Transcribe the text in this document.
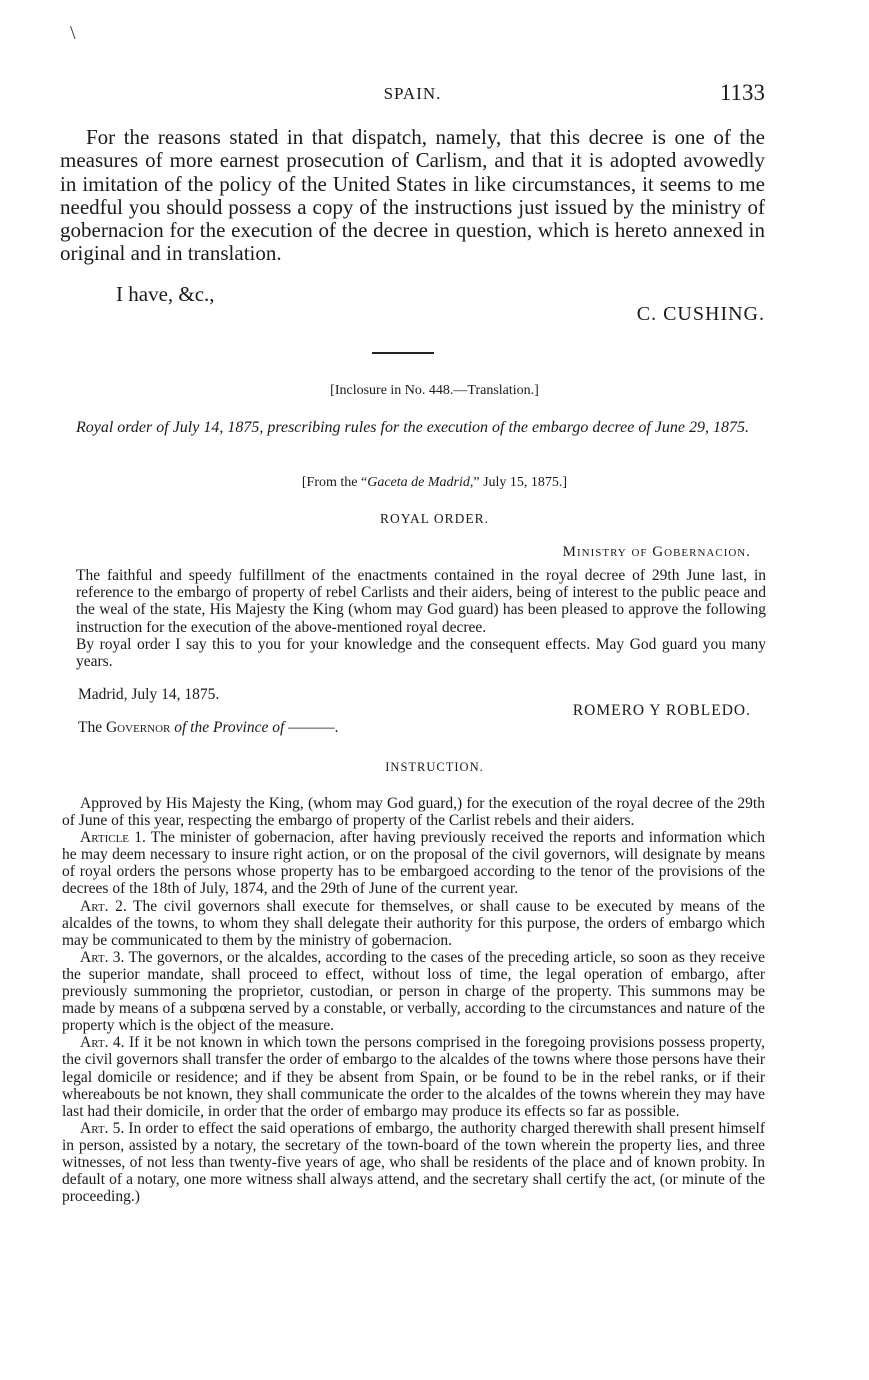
\
SPAIN.	1133

For the reasons stated in that dispatch, namely, that this decree is one of the measures of more earnest prosecution of Carlism, and that it is adopted avowedly in imitation of the policy of the United States in like circumstances, it seems to me needful you should possess a copy of the instructions just issued by the ministry of gobernacion for the execution of the decree in question, which is hereto annexed in original and in translation.

I have, &c.,
C. CUSHING.
[Inclosure in No. 448.—Translation.]
Royal order of July 14, 1875, prescribing rules for the execution of the embargo decree of June 29, 1875.
[From the “Gaceta de Madrid,” July 15, 1875.]
ROYAL ORDER.
Ministry of Gobernacion.

The faithful and speedy fulfillment of the enactments contained in the royal decree of 29th June last, in reference to the embargo of property of rebel Carlists and their aiders, being of interest to the public peace and the weal of the state, His Majesty the King (whom may God guard) has been pleased to approve the following instruction for the execution of the above-mentioned royal decree.

By royal order I say this to you for your knowledge and the consequent effects. May God guard you many years.

Madrid, July 14, 1875.
ROMERO Y ROBLEDO.
The Governor of the Province of ———.
INSTRUCTION.

Approved by His Majesty the King, (whom may God guard,) for the execution of the royal decree of the 29th of June of this year, respecting the embargo of property of the Carlist rebels and their aiders.

Article 1. The minister of gobernacion, after having previously received the reports and information which he may deem necessary to insure right action, or on the proposal of the civil governors, will designate by means of royal orders the persons whose property has to be embargoed according to the tenor of the provisions of the decrees of the 18th of July, 1874, and the 29th of June of the current year.

Art. 2. The civil governors shall execute for themselves, or shall cause to be executed by means of the alcaldes of the towns, to whom they shall delegate their authority for this purpose, the orders of embargo which may be communicated to them by the ministry of gobernacion.

Art. 3. The governors, or the alcaldes, according to the cases of the preceding article, so soon as they receive the superior mandate, shall proceed to effect, without loss of time, the legal operation of embargo, after previously summoning the proprietor, custodian, or person in charge of the property. This summons may be made by means of a subpœna served by a constable, or verbally, according to the circumstances and nature of the property which is the object of the measure.

Art. 4. If it be not known in which town the persons comprised in the foregoing provisions possess property, the civil governors shall transfer the order of embargo to the alcaldes of the towns where those persons have their legal domicile or residence; and if they be absent from Spain, or be found to be in the rebel ranks, or if their whereabouts be not known, they shall communicate the order to the alcaldes of the towns wherein they may have last had their domicile, in order that the order of embargo may produce its effects so far as possible.

Art. 5. In order to effect the said operations of embargo, the authority charged therewith shall present himself in person, assisted by a notary, the secretary of the town-board of the town wherein the property lies, and three witnesses, of not less than twenty-five years of age, who shall be residents of the place and of known probity. In default of a notary, one more witness shall always attend, and the secretary shall certify the act, (or minute of the proceeding.)
